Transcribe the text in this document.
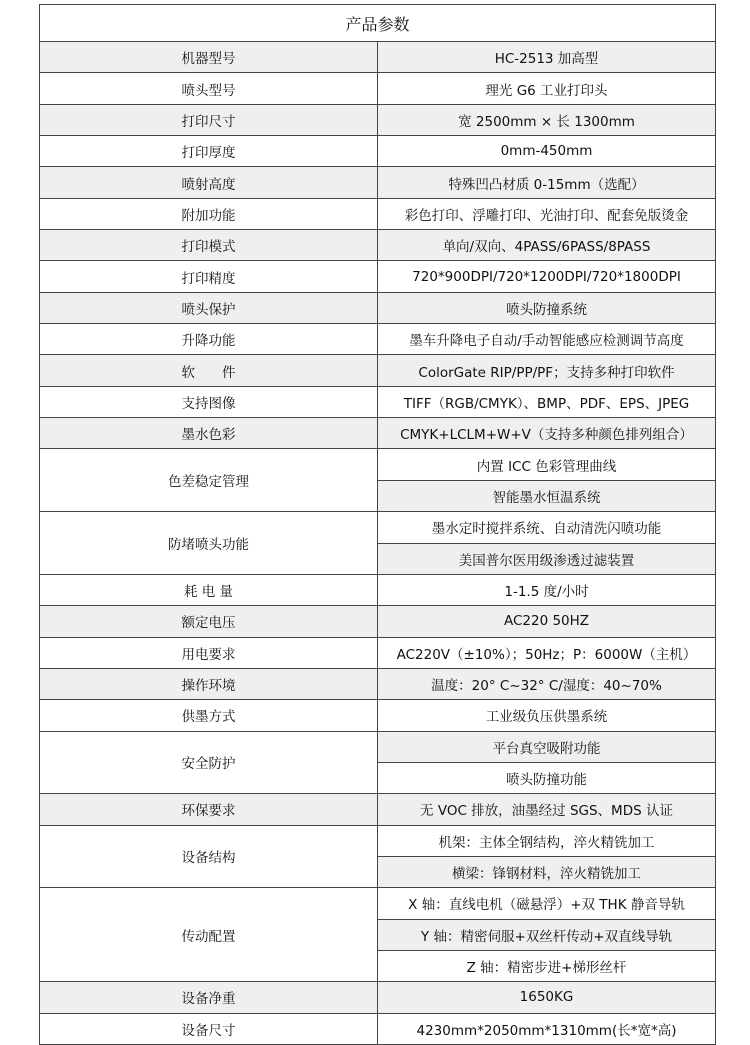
产品参数	
机器型号	HC-2513 加高型
喷头型号	理光 G6 工业打印头
打印尺寸	宽 2500mm × 长 1300mm
打印厚度	0mm-450mm
喷射高度	特殊凹凸材质 0-15mm（选配）
附加功能	彩色打印、浮雕打印、光油打印、配套免版烫金
打印模式	单向/双向、4PASS/6PASS/8PASS
打印精度	720*900DPI/720*1200DPI/720*1800DPI
喷头保护	喷头防撞系统
升降功能	墨车升降电子自动/手动智能感应检测调节高度
软　　件	ColorGate RIP/PP/PF；支持多种打印软件
支持图像	TIFF（RGB/CMYK）、BMP、PDF、EPS、JPEG
墨水色彩	CMYK+LCLM+W+V（支持多种颜色排列组合）
色差稳定管理	内置 ICC 色彩管理曲线
	智能墨水恒温系统
防堵喷头功能	墨水定时搅拌系统、自动清洗闪喷功能
	美国普尔医用级渗透过滤装置
耗 电 量	1-1.5 度/小时
额定电压	AC220 50HZ
用电要求	AC220V（±10%）；50Hz；P：6000W（主机）
操作环境	温度：20° C~32° C/湿度：40~70%
供墨方式	工业级负压供墨系统
安全防护	平台真空吸附功能
	喷头防撞功能
环保要求	无 VOC 排放，油墨经过 SGS、MDS 认证
设备结构	机架：主体全钢结构，淬火精铣加工
	横梁：锋钢材料，淬火精铣加工
传动配置	X 轴：直线电机（磁悬浮）+双 THK 静音导轨
	Y 轴：精密伺服+双丝杆传动+双直线导轨
	Z 轴：精密步进+梯形丝杆
设备净重	1650KG
设备尺寸	4230mm*2050mm*1310mm(长*宽*高)
